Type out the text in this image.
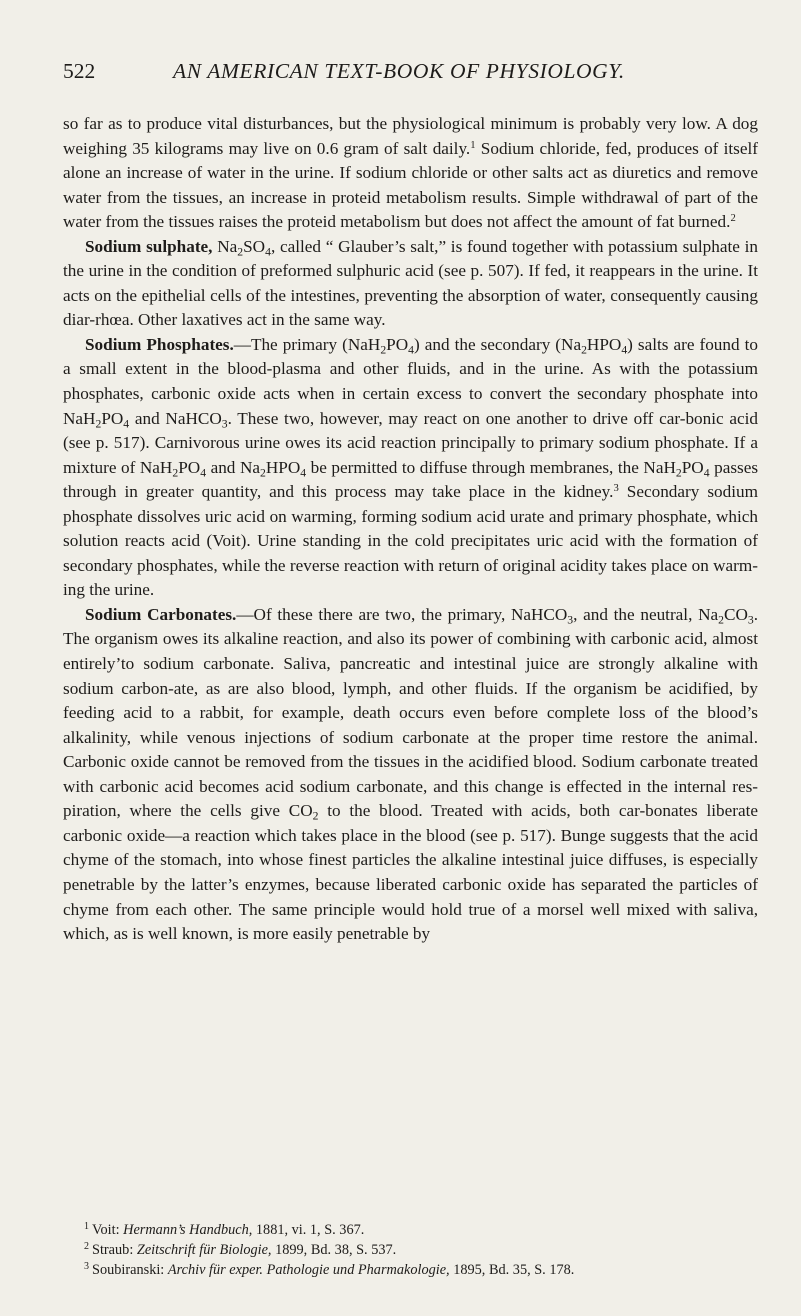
522	AN AMERICAN TEXT-BOOK OF PHYSIOLOGY.

so far as to produce vital disturbances, but the physiological minimum is probably very low. A dog weighing 35 kilograms may live on 0.6 gram of salt daily.$^1$ Sodium chloride, fed, produces of itself alone an increase of water in the urine. If sodium chloride or other salts act as diuretics and remove water from the tissues, an increase in proteid metabolism results. Simple withdrawal of part of the water from the tissues raises the proteid metabolism but does not affect the amount of fat burned.$^2$

Sodium sulphate, $Na_2SO_4$, called “ Glauber’s salt,” is found together with potassium sulphate in the urine in the condition of preformed sulphuric acid (see p. 507). If fed, it reappears in the urine. It acts on the epithelial cells of the intestines, preventing the absorption of water, consequently causing diar-rhœa. Other laxatives act in the same way.

Sodium Phosphates.—The primary $(NaH_2PO_4)$ and the secondary $(Na_2HPO_4)$ salts are found to a small extent in the blood-plasma and other fluids, and in the urine. As with the potassium phosphates, carbonic oxide acts when in certain excess to convert the secondary phosphate into $NaH_2PO_4$ and NaHCO$_3$. These two, however, may react on one another to drive off car-bonic acid (see p. 517). Carnivorous urine owes its acid reaction principally to primary sodium phosphate. If a mixture of $NaH_2PO_4$ and $Na_2HPO_4$ be permitted to diffuse through membranes, the $NaH_2PO_4$ passes through in greater quantity, and this process may take place in the kidney.$^3$ Secondary sodium phosphate dissolves uric acid on warming, forming sodium acid urate and primary phosphate, which solution reacts acid (Voit). Urine standing in the cold precipitates uric acid with the formation of secondary phosphates, while the reverse reaction with return of original acidity takes place on warm-ing the urine.

Sodium Carbonates.—Of these there are two, the primary, NaHCO$_3$, and the neutral, $Na_2CO_3$. The organism owes its alkaline reaction, and also its power of combining with carbonic acid, almost entirely’to sodium carbonate. Saliva, pancreatic and intestinal juice are strongly alkaline with sodium carbon-ate, as are also blood, lymph, and other fluids. If the organism be acidified, by feeding acid to a rabbit, for example, death occurs even before complete loss of the blood’s alkalinity, while venous injections of sodium carbonate at the proper time restore the animal. Carbonic oxide cannot be removed from the tissues in the acidified blood. Sodium carbonate treated with carbonic acid becomes acid sodium carbonate, and this change is effected in the internal res-piration, where the cells give $CO_2$ to the blood. Treated with acids, both car-bonates liberate carbonic oxide—a reaction which takes place in the blood (see p. 517). Bunge suggests that the acid chyme of the stomach, into whose finest particles the alkaline intestinal juice diffuses, is especially penetrable by the latter’s enzymes, because liberated carbonic oxide has separated the particles of chyme from each other. The same principle would hold true of a morsel well mixed with saliva, which, as is well known, is more easily penetrable by

$^1$ Voit: Hermann’s Handbuch, 1881, vi. 1, S. 367.
$^2$ Straub: Zeitschrift für Biologie, 1899, Bd. 38, S. 537.
$^3$ Soubiranski: Archiv für exper. Pathologie und Pharmakologie, 1895, Bd. 35, S. 178.
